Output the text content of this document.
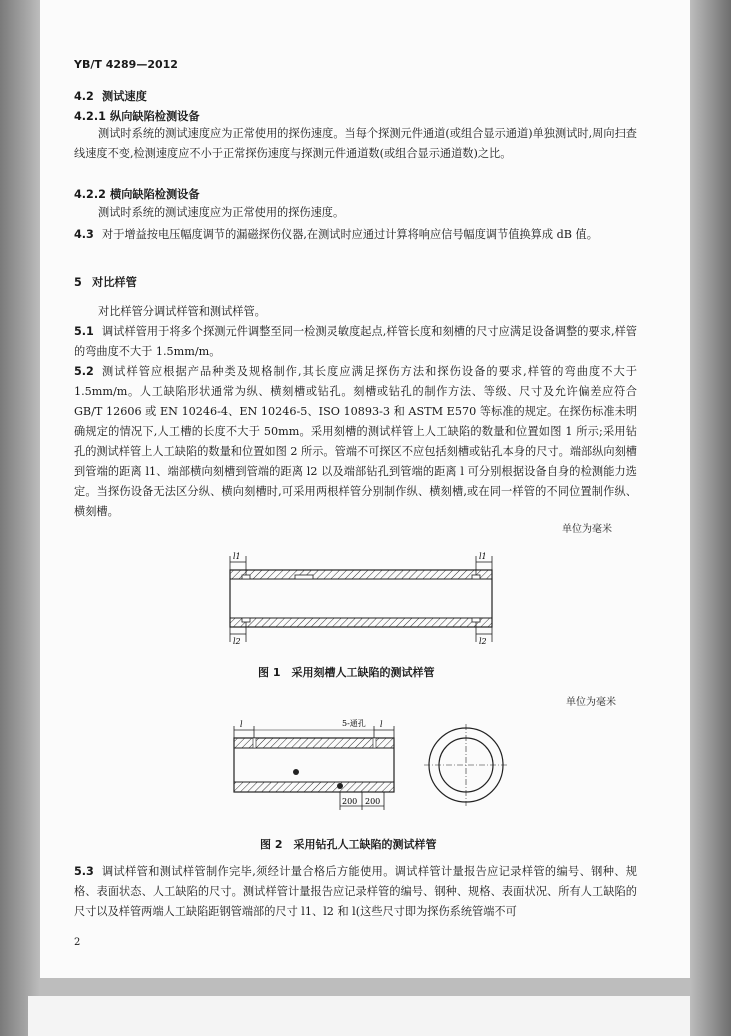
YB/T 4289—2012
4.2 测试速度
4.2.1 纵向缺陷检测设备
测试时系统的测试速度应为正常使用的探伤速度。当每个探测元件通道(或组合显示通道)单独测试时,周向扫查线速度不变,检测速度应不小于正常探伤速度与探测元件通道数(或组合显示通道数)之比。
4.2.2 横向缺陷检测设备
测试时系统的测试速度应为正常使用的探伤速度。
4.3 对于增益按电压幅度调节的漏磁探伤仪器,在测试时应通过计算将响应信号幅度调节值换算成 dB 值。
5 对比样管
对比样管分调试样管和测试样管。
5.1 调试样管用于将多个探测元件调整至同一检测灵敏度起点,样管长度和刻槽的尺寸应满足设备调整的要求,样管的弯曲度不大于 1.5mm/m。
5.2 测试样管应根据产品种类及规格制作,其长度应满足探伤方法和探伤设备的要求,样管的弯曲度不大于 1.5mm/m。人工缺陷形状通常为纵、横刻槽或钻孔。刻槽或钻孔的制作方法、等级、尺寸及允许偏差应符合 GB/T 12606 或 EN 10246-4、EN 10246-5、ISO 10893-3 和 ASTM E570 等标准的规定。在探伤标准未明确规定的情况下,人工槽的长度不大于 50mm。采用刻槽的测试样管上人工缺陷的数量和位置如图 1 所示;采用钻孔的测试样管上人工缺陷的数量和位置如图 2 所示。管端不可探区不应包括刻槽或钻孔本身的尺寸。端部纵向刻槽到管端的距离 l1、端部横向刻槽到管端的距离 l2 以及端部钻孔到管端的距离 l 可分别根据设备自身的检测能力选定。当探伤设备无法区分纵、横向刻槽时,可采用两根样管分别制作纵、横刻槽,或在同一样管的不同位置制作纵、横刻槽。
单位为毫米
l1	l1
l2	l2
图 1　采用刻槽人工缺陷的测试样管
单位为毫米
l	5-通孔 l
200 200
图 2　采用钻孔人工缺陷的测试样管
5.3 调试样管和测试样管制作完毕,须经计量合格后方能使用。调试样管计量报告应记录样管的编号、钢种、规格、表面状态、人工缺陷的尺寸。测试样管计量报告应记录样管的编号、钢种、规格、表面状况、所有人工缺陷的尺寸以及样管两端人工缺陷距钢管端部的尺寸 l1、l2 和 l(这些尺寸即为探伤系统管端不可
2
